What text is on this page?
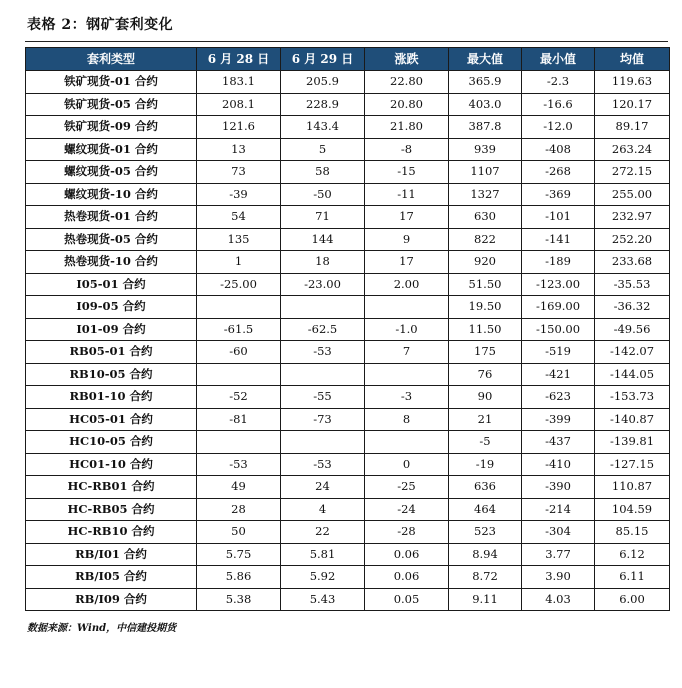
表格 2：钢矿套利变化
套利类型	6 月 28 日	6 月 29 日	涨跌	最大值	最小值	均值
铁矿现货-01 合约	183.1	205.9	22.80	365.9	-2.3	119.63
铁矿现货-05 合约	208.1	228.9	20.80	403.0	-16.6	120.17
铁矿现货-09 合约	121.6	143.4	21.80	387.8	-12.0	89.17
螺纹现货-01 合约	13	5	-8	939	-408	263.24
螺纹现货-05 合约	73	58	-15	1107	-268	272.15
螺纹现货-10 合约	-39	-50	-11	1327	-369	255.00
热卷现货-01 合约	54	71	17	630	-101	232.97
热卷现货-05 合约	135	144	9	822	-141	252.20
热卷现货-10 合约	1	18	17	920	-189	233.68
I05-01 合约	-25.00	-23.00	2.00	51.50	-123.00	-35.53
I09-05 合约				19.50	-169.00	-36.32
I01-09 合约	-61.5	-62.5	-1.0	11.50	-150.00	-49.56
RB05-01 合约	-60	-53	7	175	-519	-142.07
RB10-05 合约				76	-421	-144.05
RB01-10 合约	-52	-55	-3	90	-623	-153.73
HC05-01 合约	-81	-73	8	21	-399	-140.87
HC10-05 合约				-5	-437	-139.81
HC01-10 合约	-53	-53	0	-19	-410	-127.15
HC-RB01 合约	49	24	-25	636	-390	110.87
HC-RB05 合约	28	4	-24	464	-214	104.59
HC-RB10 合约	50	22	-28	523	-304	85.15
RB/I01 合约	5.75	5.81	0.06	8.94	3.77	6.12
RB/I05 合约	5.86	5.92	0.06	8.72	3.90	6.11
RB/I09 合约	5.38	5.43	0.05	9.11	4.03	6.00
数据来源：Wind，中信建投期货
